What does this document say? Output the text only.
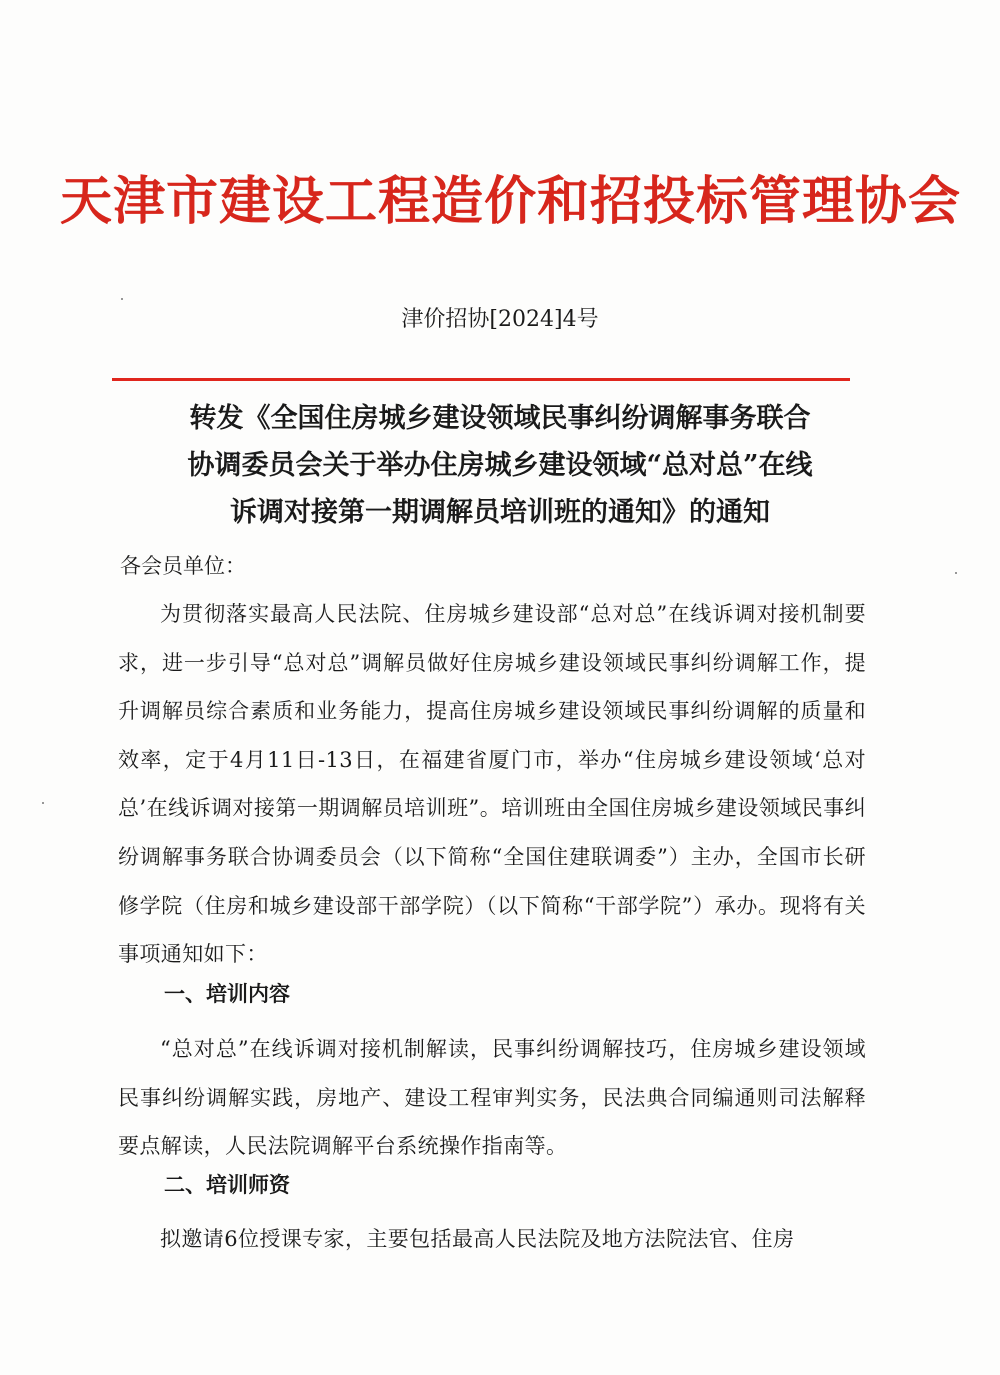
天津市建设工程造价和招投标管理协会
津价招协[2024]4号
转发《全国住房城乡建设领域民事纠纷调解事务联合
协调委员会关于举办住房城乡建设领域“总对总”在线
诉调对接第一期调解员培训班的通知》的通知
各会员单位：
为贯彻落实最高人民法院、住房城乡建设部“总对总”在线诉调对接机制要求，进一步引导“总对总”调解员做好住房城乡建设领域民事纠纷调解工作，提升调解员综合素质和业务能力，提高住房城乡建设领域民事纠纷调解的质量和效率，定于4月11日-13日，在福建省厦门市，举办“住房城乡建设领域‘总对总’在线诉调对接第一期调解员培训班”。培训班由全国住房城乡建设领域民事纠纷调解事务联合协调委员会（以下简称“全国住建联调委”）主办，全国市长研修学院（住房和城乡建设部干部学院）（以下简称“干部学院”）承办。现将有关事项通知如下：
一、培训内容
“总对总”在线诉调对接机制解读，民事纠纷调解技巧，住房城乡建设领域民事纠纷调解实践，房地产、建设工程审判实务，民法典合同编通则司法解释要点解读，人民法院调解平台系统操作指南等。
二、培训师资
拟邀请6位授课专家，主要包括最高人民法院及地方法院法官、住房
